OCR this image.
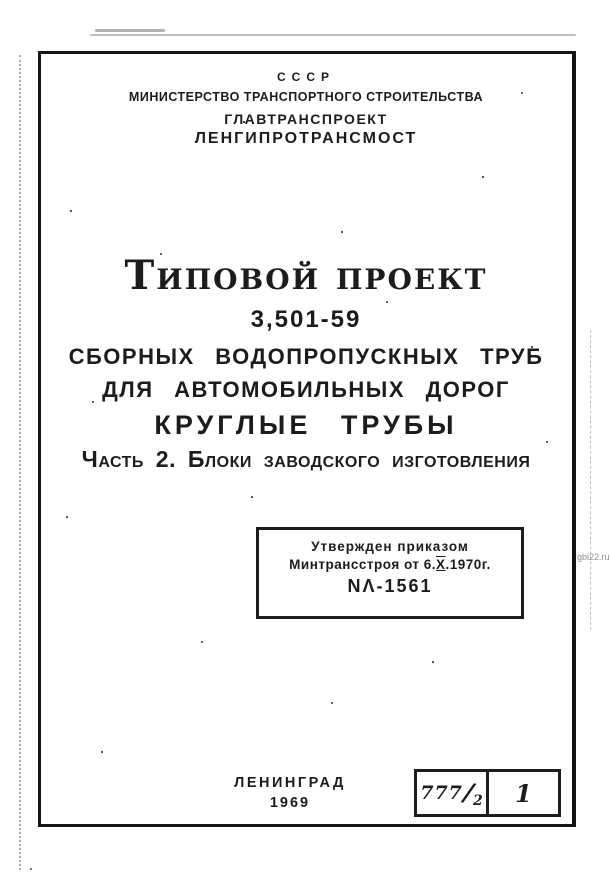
СССР
МИНИСТЕРСТВО ТРАНСПОРТНОГО СТРОИТЕЛЬСТВА
ГЛАВТРАНСПРОЕКТ
ЛЕНГИПРОТРАНСМОСТ
Типовой проект
3,501-59
СБОРНЫХ ВОДОПРОПУСКНЫХ ТРУБ
ДЛЯ АВТОМОБИЛЬНЫХ ДОРОГ
КРУГЛЫЕ ТРУБЫ
Часть 2. Блоки заводского изготовления
Утвержден приказом
Минтрансстроя от 6.X.1970г.
NΛ-1561
ЛЕНИНГРАД
1969	777 /
2	1
gbi22.ru
